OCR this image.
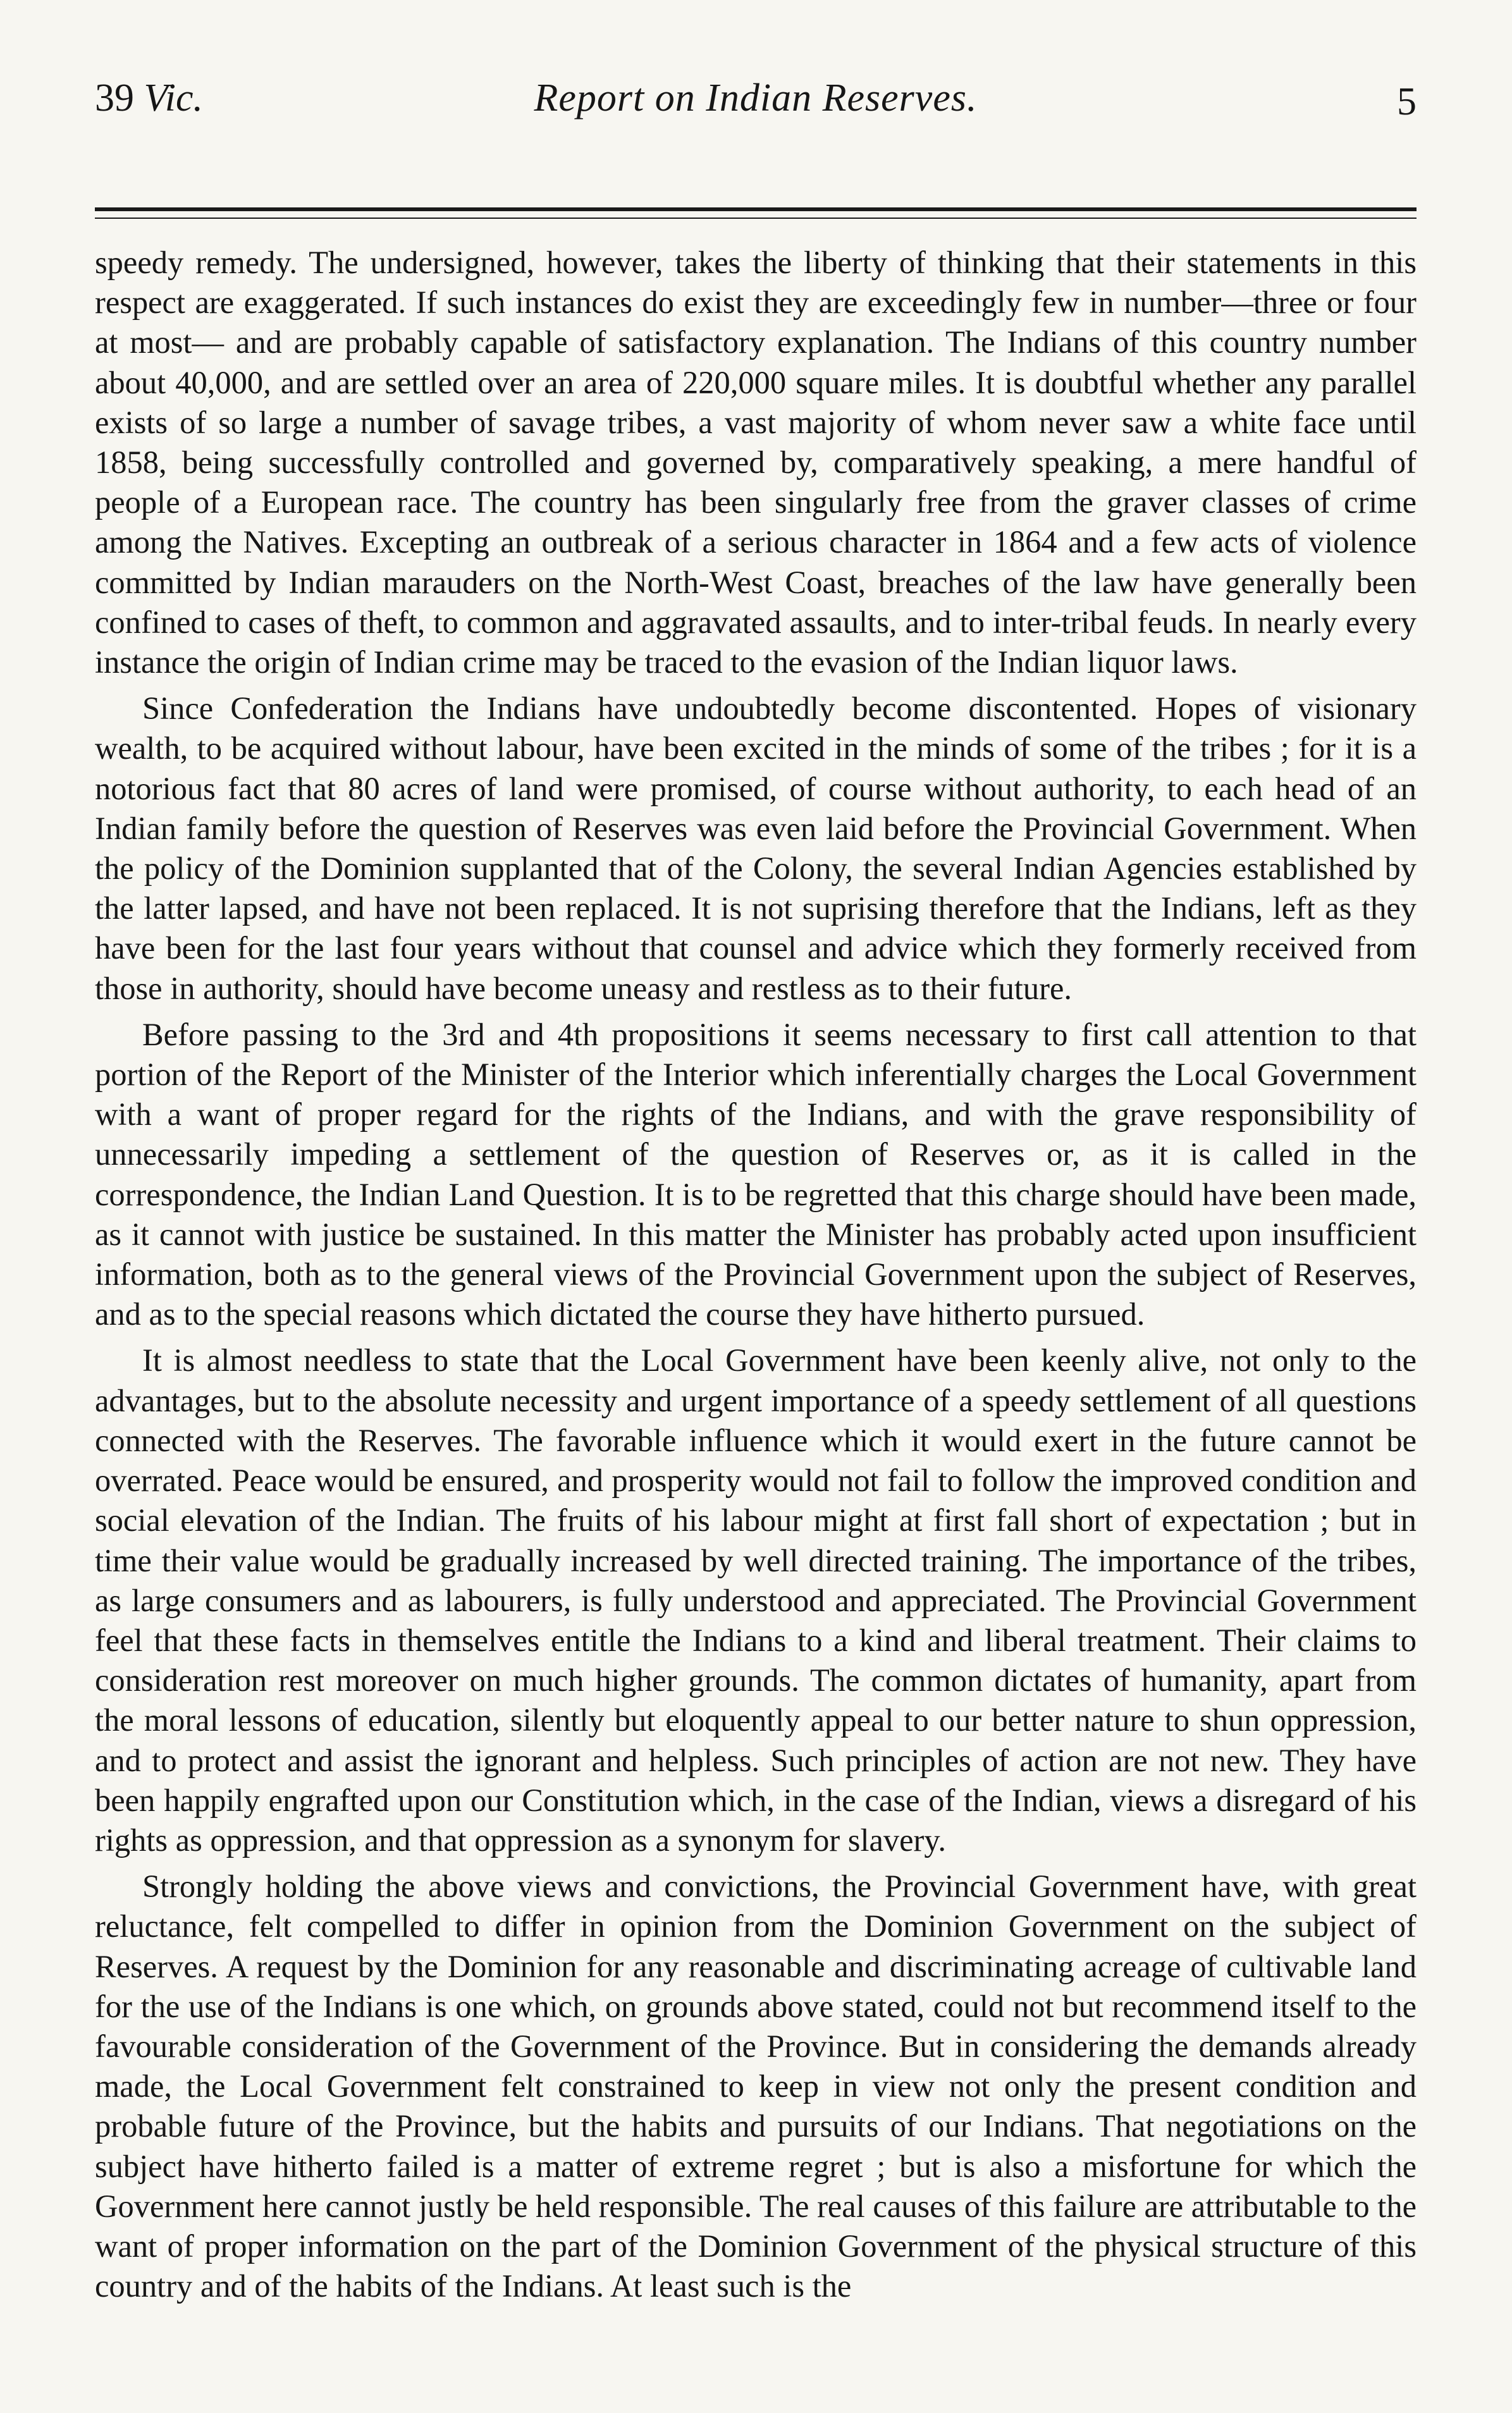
39 Vic.	Report on Indian Reserves.	5

speedy remedy. The undersigned, however, takes the liberty of thinking that their statements in this respect are exaggerated. If such instances do exist they are exceedingly few in number—three or four at most— and are probably capable of satisfactory explanation. The Indians of this country number about 40,000, and are settled over an area of 220,000 square miles. It is doubtful whether any parallel exists of so large a number of savage tribes, a vast majority of whom never saw a white face until 1858, being successfully controlled and governed by, comparatively speaking, a mere handful of people of a European race. The country has been singularly free from the graver classes of crime among the Natives. Excepting an outbreak of a serious character in 1864 and a few acts of violence committed by Indian marauders on the North-West Coast, breaches of the law have generally been confined to cases of theft, to common and aggravated assaults, and to inter-tribal feuds. In nearly every instance the origin of Indian crime may be traced to the evasion of the Indian liquor laws.

Since Confederation the Indians have undoubtedly become discontented. Hopes of visionary wealth, to be acquired without labour, have been excited in the minds of some of the tribes ; for it is a notorious fact that 80 acres of land were promised, of course without authority, to each head of an Indian family before the question of Reserves was even laid before the Provincial Government. When the policy of the Dominion supplanted that of the Colony, the several Indian Agencies established by the latter lapsed, and have not been replaced. It is not suprising therefore that the Indians, left as they have been for the last four years without that counsel and advice which they formerly received from those in authority, should have become uneasy and restless as to their future.

Before passing to the 3rd and 4th propositions it seems necessary to first call attention to that portion of the Report of the Minister of the Interior which inferentially charges the Local Government with a want of proper regard for the rights of the Indians, and with the grave responsibility of unnecessarily impeding a settlement of the question of Reserves or, as it is called in the correspondence, the Indian Land Question. It is to be regretted that this charge should have been made, as it cannot with justice be sustained. In this matter the Minister has probably acted upon insufficient information, both as to the general views of the Provincial Government upon the subject of Reserves, and as to the special reasons which dictated the course they have hitherto pursued.

It is almost needless to state that the Local Government have been keenly alive, not only to the advantages, but to the absolute necessity and urgent importance of a speedy settlement of all questions connected with the Reserves. The favorable influence which it would exert in the future cannot be overrated. Peace would be ensured, and prosperity would not fail to follow the improved condition and social elevation of the Indian. The fruits of his labour might at first fall short of expectation ; but in time their value would be gradually increased by well directed training. The importance of the tribes, as large consumers and as labourers, is fully understood and appreciated. The Provincial Government feel that these facts in themselves entitle the Indians to a kind and liberal treatment. Their claims to consideration rest moreover on much higher grounds. The common dictates of humanity, apart from the moral lessons of education, silently but eloquently appeal to our better nature to shun oppression, and to protect and assist the ignorant and helpless. Such principles of action are not new. They have been happily engrafted upon our Constitution which, in the case of the Indian, views a disregard of his rights as oppression, and that oppression as a synonym for slavery.

Strongly holding the above views and convictions, the Provincial Government have, with great reluctance, felt compelled to differ in opinion from the Dominion Government on the subject of Reserves. A request by the Dominion for any reasonable and discriminating acreage of cultivable land for the use of the Indians is one which, on grounds above stated, could not but recommend itself to the favourable consideration of the Government of the Province. But in considering the demands already made, the Local Government felt constrained to keep in view not only the present condition and probable future of the Province, but the habits and pursuits of our Indians. That negotiations on the subject have hitherto failed is a matter of extreme regret ; but is also a misfortune for which the Government here cannot justly be held responsible. The real causes of this failure are attributable to the want of proper information on the part of the Dominion Government of the physical structure of this country and of the habits of the Indians. At least such is the
